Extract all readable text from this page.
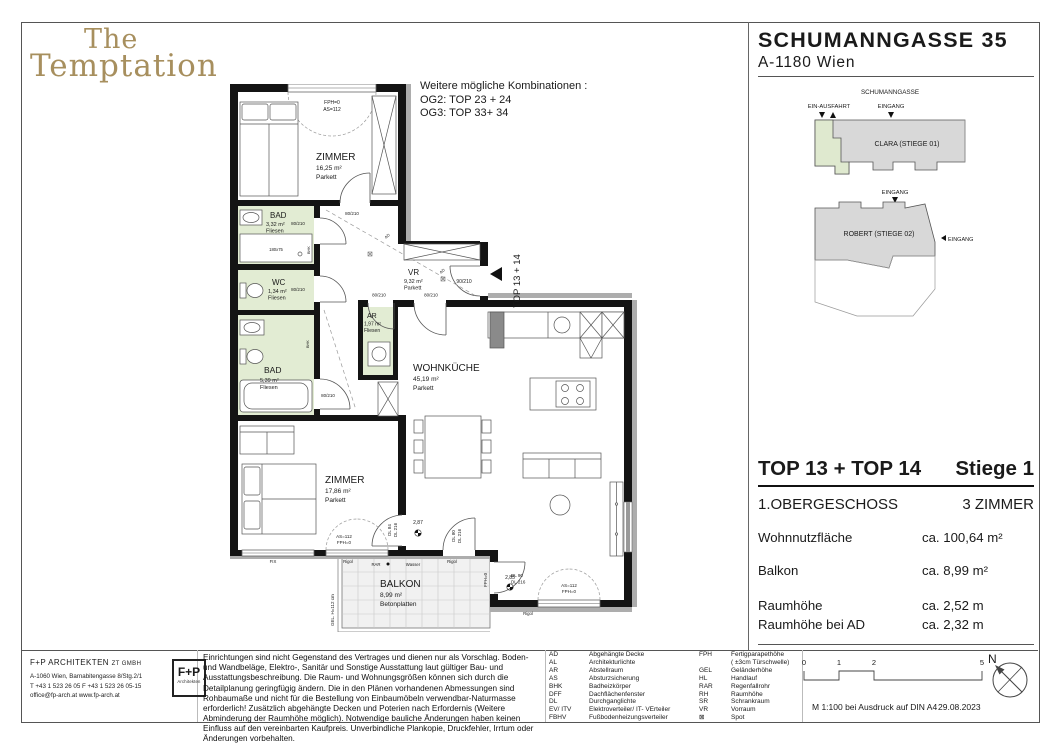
The
Temptation
SCHUMANNGASSE 35
A-1180 Wien
Weitere mögliche Kombinationen :
OG2: TOP 23 + 24
OG3: TOP 33+ 34
SCHUMANNGASSE
EIN-AUSFAHRT	EINGANG
CLARA (STIEGE 01)
EINGANG
ROBERT (STIEGE 02)
EINGANG
ZIMMER
16,25 m²
Parkett
BAD
3,32 m²
Fliesen
WC
1,34 m²
Fliesen
BAD
5,39 m²
Fliesen
ZIMMER
17,86 m²
Parkett
VR
9,32 m²
Parkett
AR
1,97 m²
Fliesen
WOHNKÜCHE
45,19 m²
Parkett
BALKON
8,99 m²
Betonplatten
FPH=0
AS=112
80/210
80/210
80/210
80/210
80/210	80/210
90/210	TOP 13 + 14
DL 84 DL 216	DL 80 DL 216
DL 90
DL 216
FPH=0
AS=112
FPH=0
AS=112
FPH=0
FIX	Rigol	Rigol
Rigol
RAR	Wasser
2,87
2,85
GEL. H=112 cm
180x75	BHK
BHK	FBHV
AD
AD
TOP 13 + TOP 14 Stiege 1
1.OBERGESCHOSS	3 ZIMMER
Wohnnutzfläche	ca. 100,64 m²
Balkon	ca. 8,99 m²
Raumhöhe	ca. 2,52 m
Raumhöhe bei AD	ca. 2,32 m
F+P ARCHITEKTEN ZT GMBH
A-1060 Wien, Barnabitengasse 8/Stg.2/1
T +43 1 523 26 05 F +43 1 523 26 05-15
office@fp-arch.at www.fp-arch.at
F+P
Architekten
Einrichtungen sind nicht Gegenstand des Vertrages und dienen nur als Vorschlag. Boden- und Wandbeläge, Elektro-, Sanitär und Sonstige Ausstattung laut gültiger Bau- und Ausstattungsbeschreibung. Die Raum- und Wohnungsgrößen können sich durch die Detailplanung geringfügig ändern. Die in den Plänen vorhandenen Abmessungen sind Rohbaumaße und nicht für die Bestellung von Einbaumöbeln verwendbar-Naturmasse erforderlich! Zusätzlich abgehängte Decken und Poterien nach Erfordernis (Weitere Abminderung der Raumhöhe möglich). Notwendige bauliche Änderungen haben keinen Einfluss auf den vereinbarten Kaufpreis. Unverbindliche Plankopie, Druckfehler, Irrtum oder Änderungen vorbehalten.
AD	Abgehängte Decke	FPH	Fertigparapethöhe
AL	Architekturlichte	( ±3cm Türschwelle)
AR	Abstellraum	GEL	Geländerhöhe
AS	Absturzsicherung	HL	Handlauf
BHK	Badheizkörper	RAR	Regenfallrohr
DFF	Dachflächenfenster	RH	Raumhöhe
DL	Durchganglichte	SR	Schrankraum
EV/ ITV	Elektroverteiler/ IT- VErteiler	VR	Vorraum
FBHV	Fußbodenheizungsverteiler	⊠	Spot
0	1	2	5
M 1:100 bei Ausdruck auf DIN A4 29.08.2023
N
